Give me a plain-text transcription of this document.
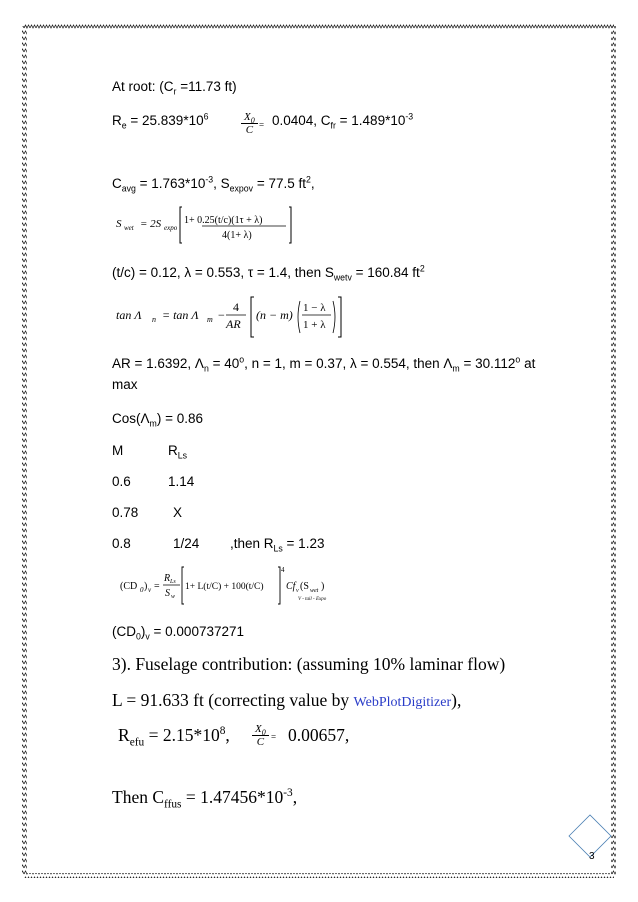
3
At root: ($C_r =11.73$ ft)
$R_e = 25.839*10^6$	$\frac{X_0}{C} = 0.0404$, $C_{fr} = 1.489*10^{-3}$
$C_{avg} = 1.763*10^{-3}$, $S_{expov} = 77.5$ $ft^2$,
S wet = 2S expo
1+ 0.25(t/c)(1τ + λ)
4(1+ λ)
(t/c) = 0.12, λ = 0.553, τ = 1.4, then $S_{wetv} = 160.84$ $ft^2$
tan Λ n = tan Λ m −
4
AR
(n − m) 1 − λ
1 + λ
AR = 1.6392, $\Lambda_n = 40^o$, n = 1, m = 0.37, λ = 0.554, then $\Lambda_m = 30.112^o$ at
max
$Cos(\Lambda_m) = 0.86$
M	$R_{Ls}$
0.6	1.14
0.78	X
0.8	1/24 ,then $R_{Ls} = 1.23$
(CD 0 ) v =
R Ls
S w
1+ L(t/C) + 100(t/C)
4
Cf v (S wet )
V - tail - Expo
$(CD_0)_v = 0.000737271$
3). Fuselage contribution: (assuming 10% laminar flow)
L = 91.633 ft (correcting value by WebPlotDigitizer),
$R_{efu} = 2.15*10^8$, $\frac{X_0}{C} = 0.00657$,
Then $C_{ffus} = 1.47456*10^{-3}$,
